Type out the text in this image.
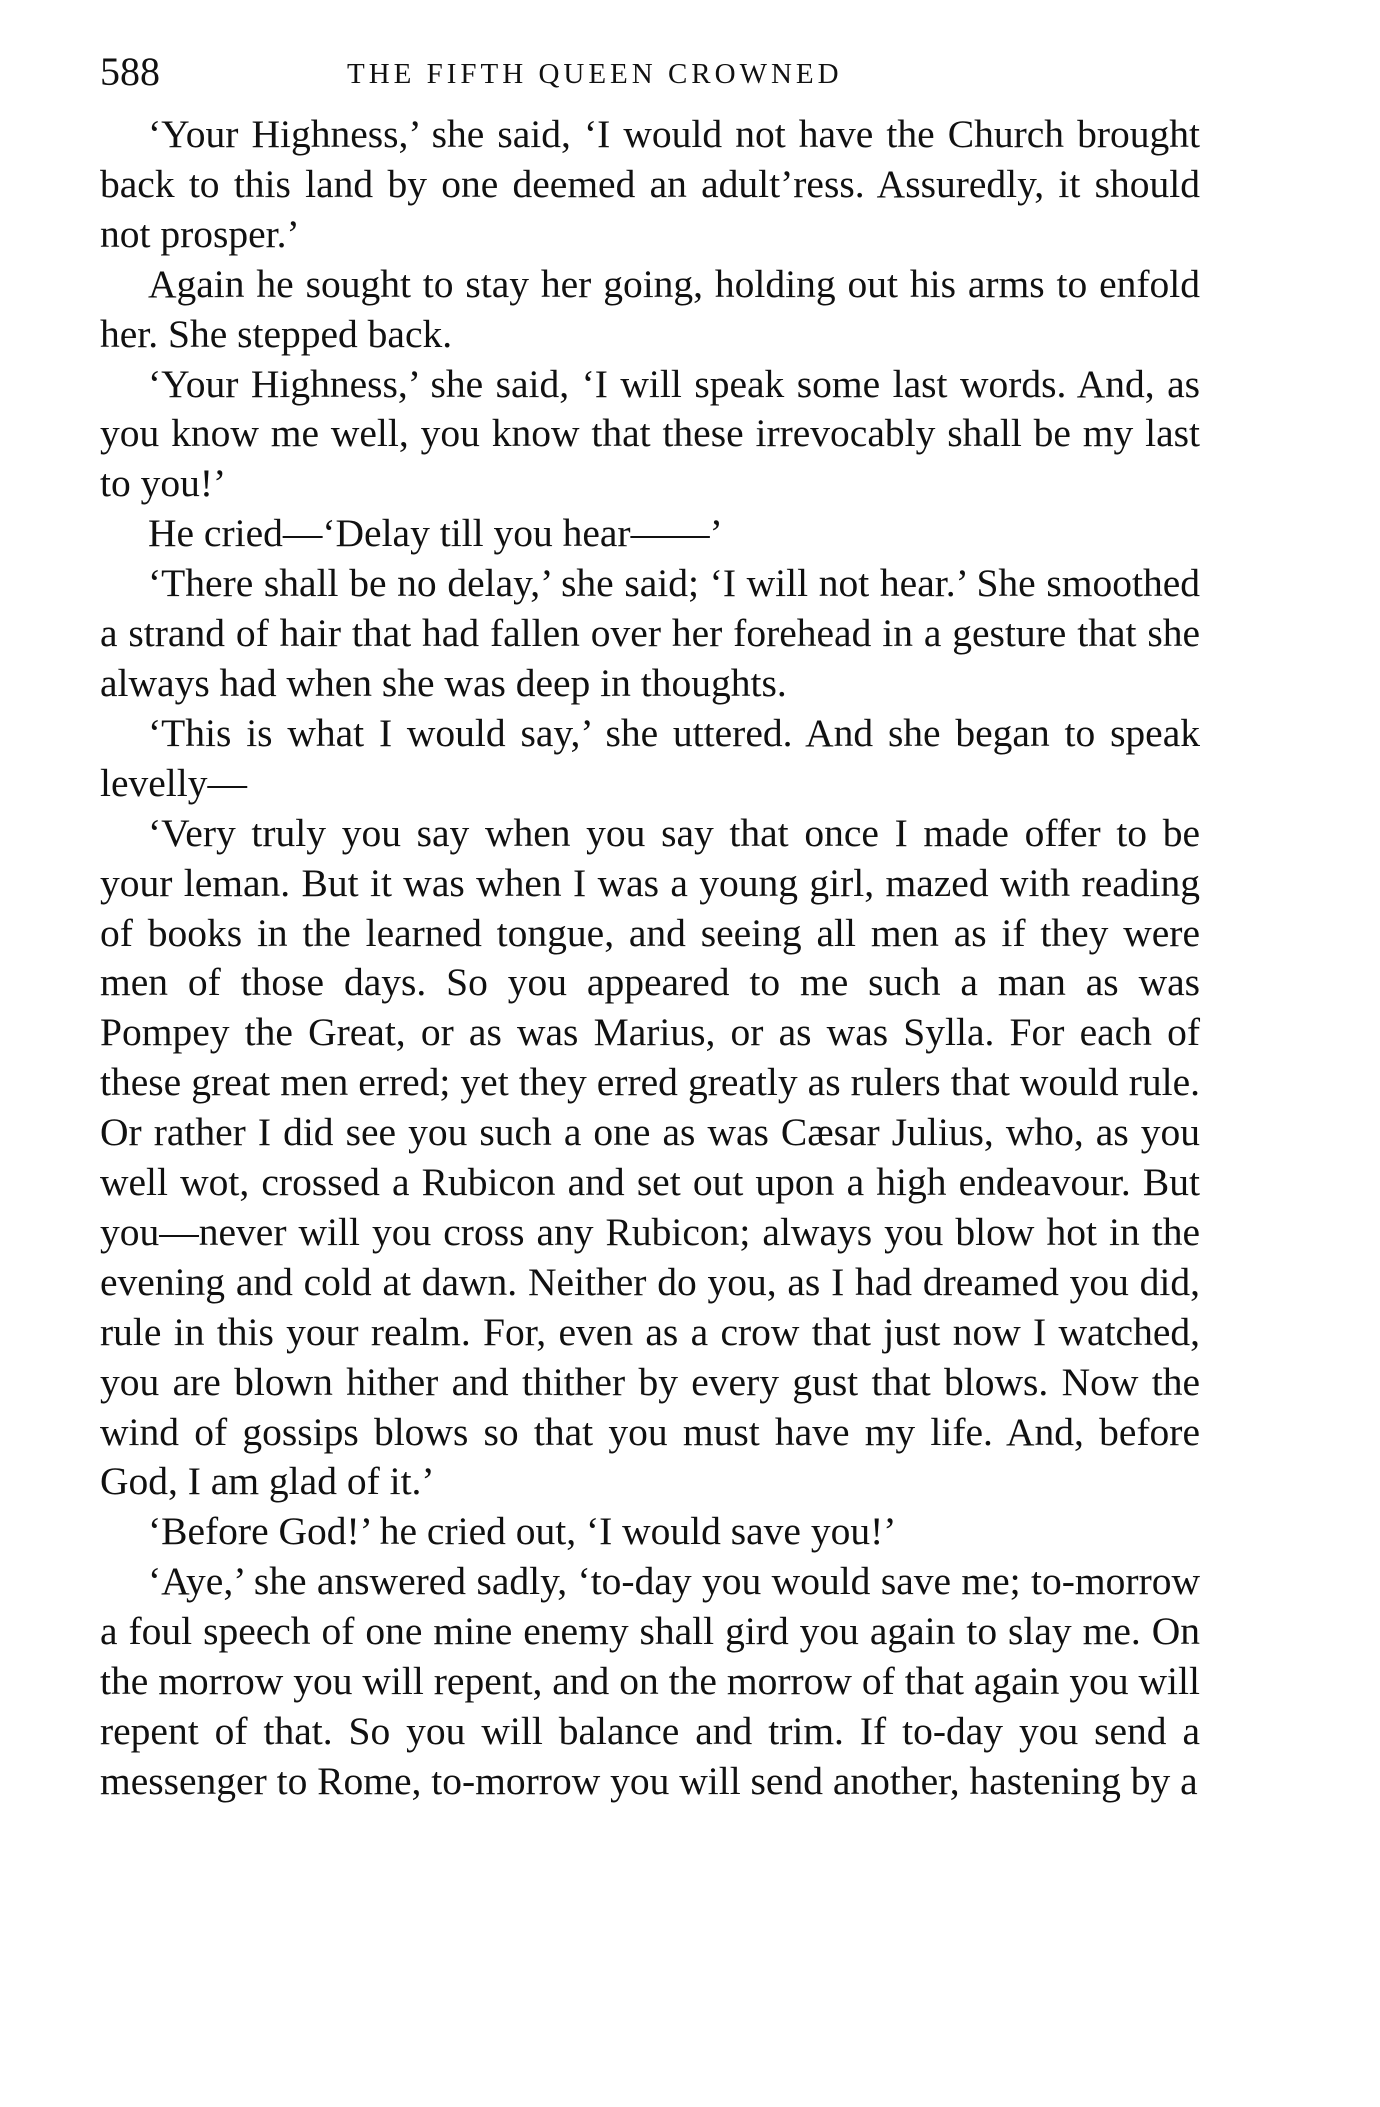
588	THE FIFTH QUEEN CROWNED

‘Your Highness,’ she said, ‘I would not have the Church brought back to this land by one deemed an adult’ress. Assuredly, it should not prosper.’

Again he sought to stay her going, holding out his arms to enfold her. She stepped back.

‘Your Highness,’ she said, ‘I will speak some last words. And, as you know me well, you know that these irrevocably shall be my last to you!’

He cried—‘Delay till you hear——’

‘There shall be no delay,’ she said; ‘I will not hear.’ She smoothed a strand of hair that had fallen over her forehead in a gesture that she always had when she was deep in thoughts.

‘This is what I would say,’ she uttered. And she began to speak levelly—

‘Very truly you say when you say that once I made offer to be your leman. But it was when I was a young girl, mazed with reading of books in the learned tongue, and seeing all men as if they were men of those days. So you appeared to me such a man as was Pompey the Great, or as was Marius, or as was Sylla. For each of these great men erred; yet they erred greatly as rulers that would rule. Or rather I did see you such a one as was Cæsar Julius, who, as you well wot, crossed a Rubicon and set out upon a high endeavour. But you—never will you cross any Rubicon; always you blow hot in the evening and cold at dawn. Neither do you, as I had dreamed you did, rule in this your realm. For, even as a crow that just now I watched, you are blown hither and thither by every gust that blows. Now the wind of gossips blows so that you must have my life. And, before God, I am glad of it.’

‘Before God!’ he cried out, ‘I would save you!’

‘Aye,’ she answered sadly, ‘to-day you would save me; to-morrow a foul speech of one mine enemy shall gird you again to slay me. On the morrow you will repent, and on the morrow of that again you will repent of that. So you will balance and trim. If to-day you send a messenger to Rome, to-morrow you will send another, hastening by a
